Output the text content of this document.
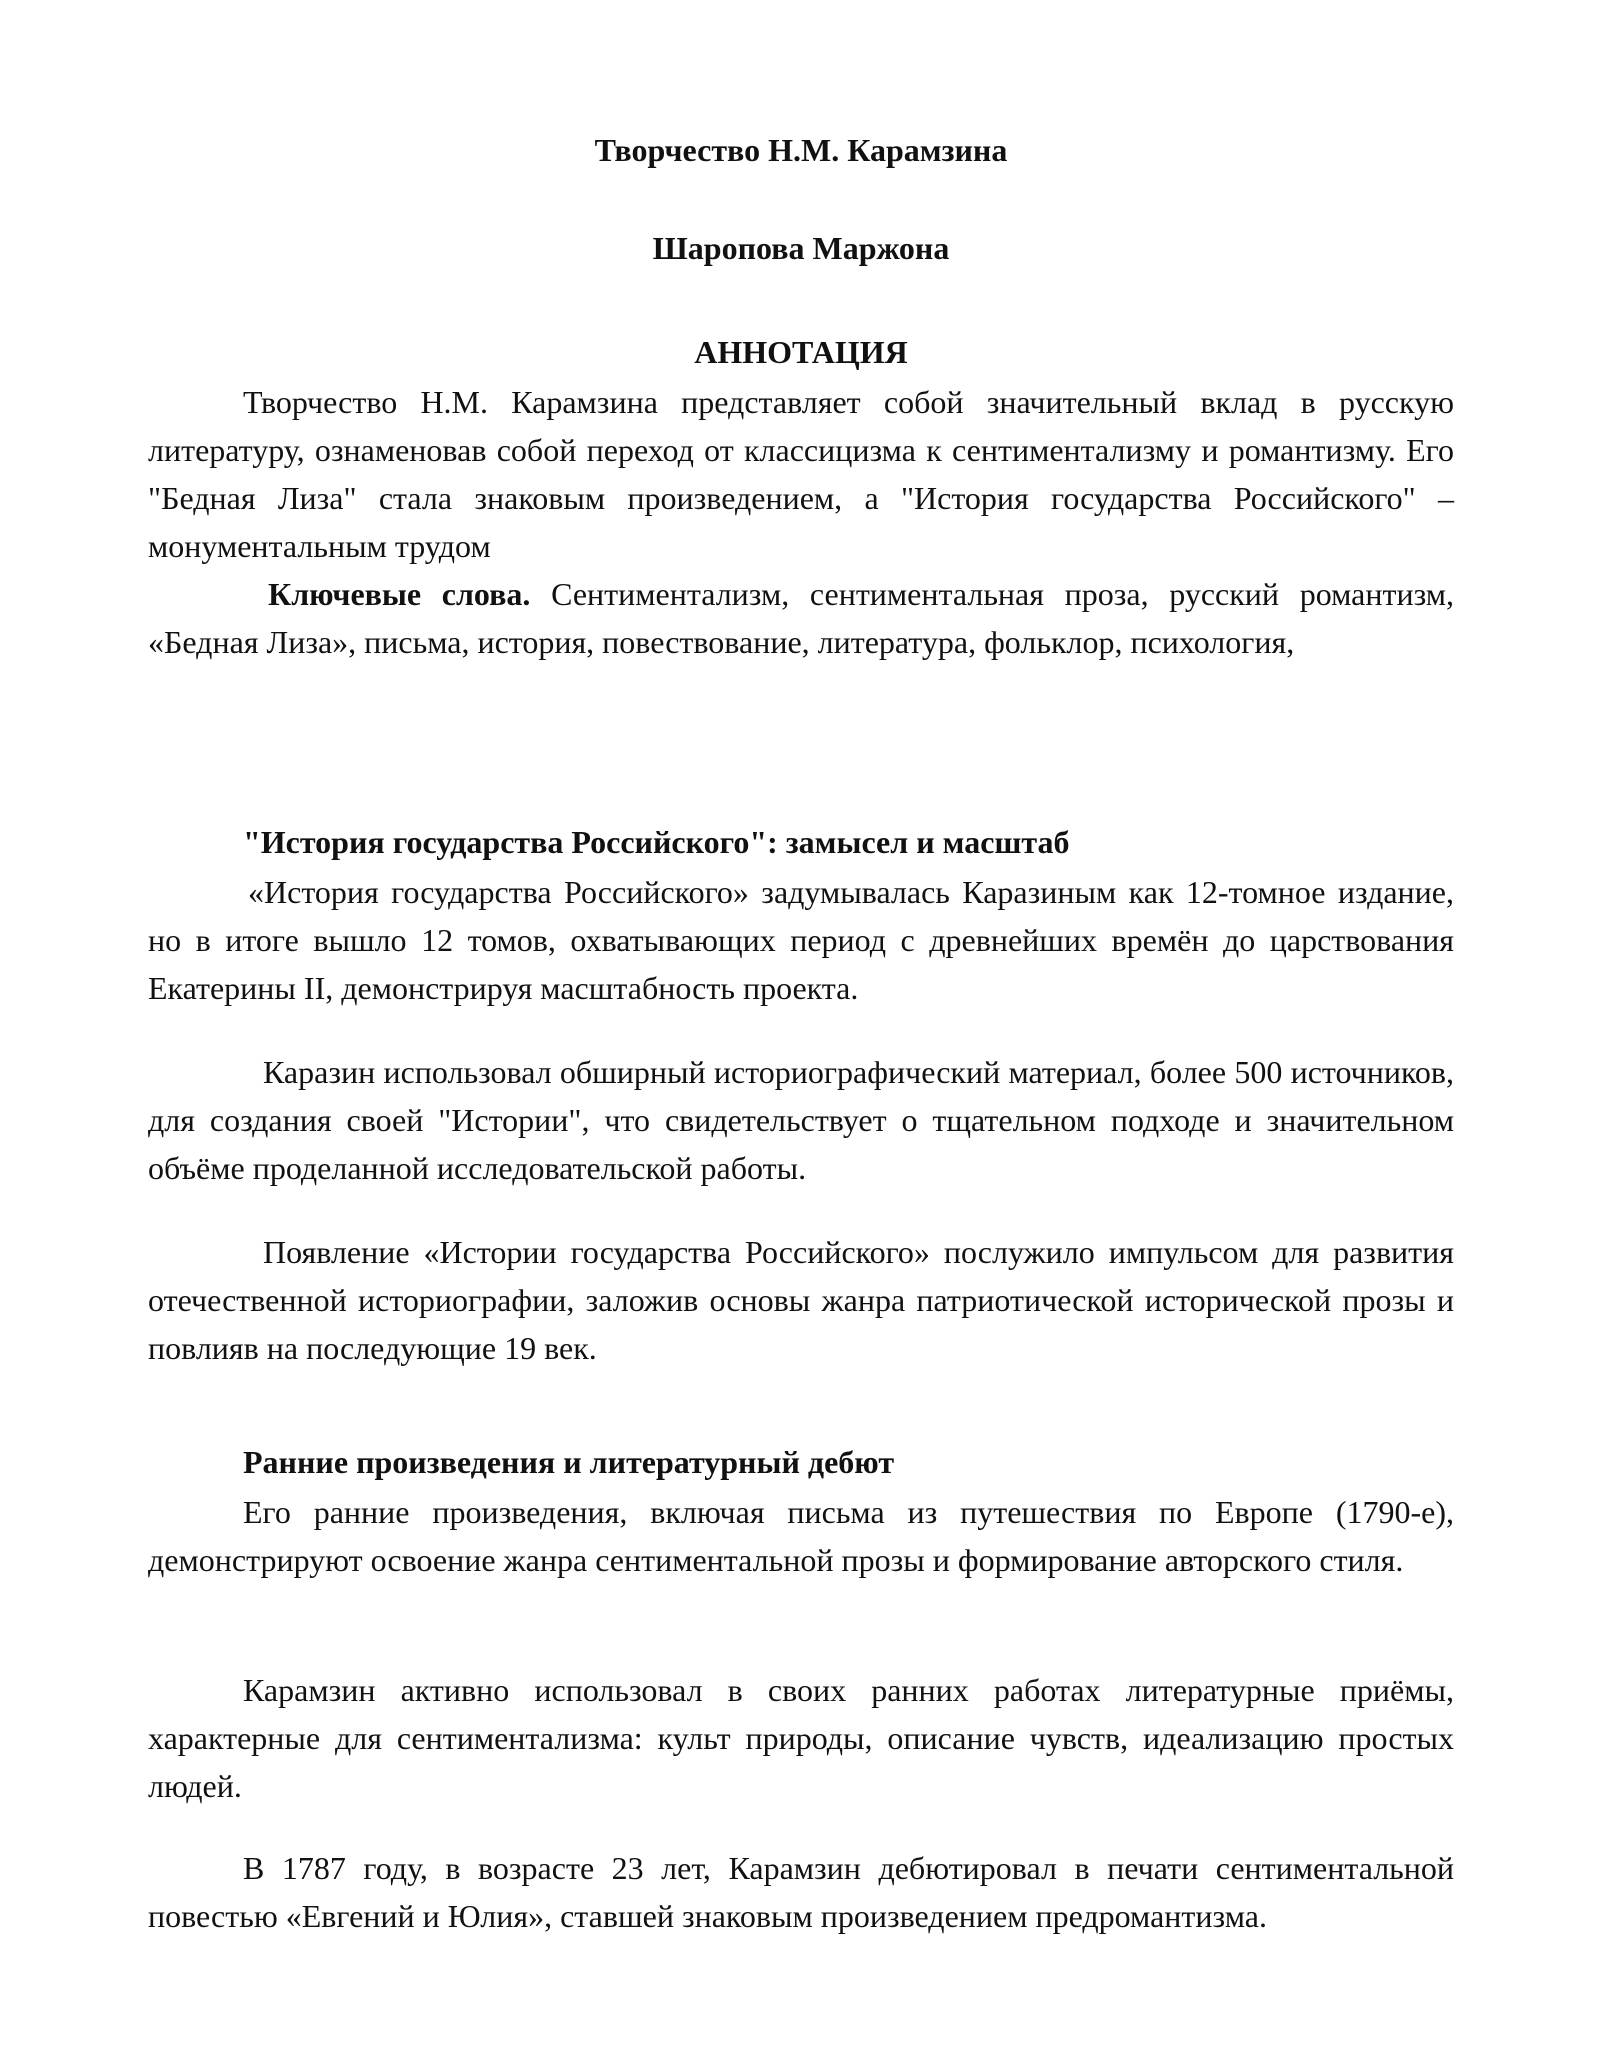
Творчество Н.М. Карамзина
Шаропова Маржона
АННОТАЦИЯ

Творчество Н.М. Карамзина представляет собой значительный вклад в русскую литературу, ознаменовав собой переход от классицизма к сентиментализму и романтизму. Его "Бедная Лиза" стала знаковым произведением, а "История государства Российского" – монументальным трудом

Ключевые слова. Сентиментализм, сентиментальная проза, русский романтизм, «Бедная Лиза», письма, история, повествование, литература, фольклор, психология,

"История государства Российского": замысел и масштаб

«История государства Российского» задумывалась Каразиным как 12-томное издание, но в итоге вышло 12 томов, охватывающих период с древнейших времён до царствования Екатерины II, демонстрируя масштабность проекта.

Каразин использовал обширный историографический материал, более 500 источников, для создания своей "Истории", что свидетельствует о тщательном подходе и значительном объёме проделанной исследовательской работы.

Появление «Истории государства Российского» послужило импульсом для развития отечественной историографии, заложив основы жанра патриотической исторической прозы и повлияв на последующие 19 век.

Ранние произведения и литературный дебют

Его ранние произведения, включая письма из путешествия по Европе (1790-е), демонстрируют освоение жанра сентиментальной прозы и формирование авторского стиля.

Карамзин активно использовал в своих ранних работах литературные приёмы, характерные для сентиментализма: культ природы, описание чувств, идеализацию простых людей.

В 1787 году, в возрасте 23 лет, Карамзин дебютировал в печати сентиментальной повестью «Евгений и Юлия», ставшей знаковым произведением предромантизма.
